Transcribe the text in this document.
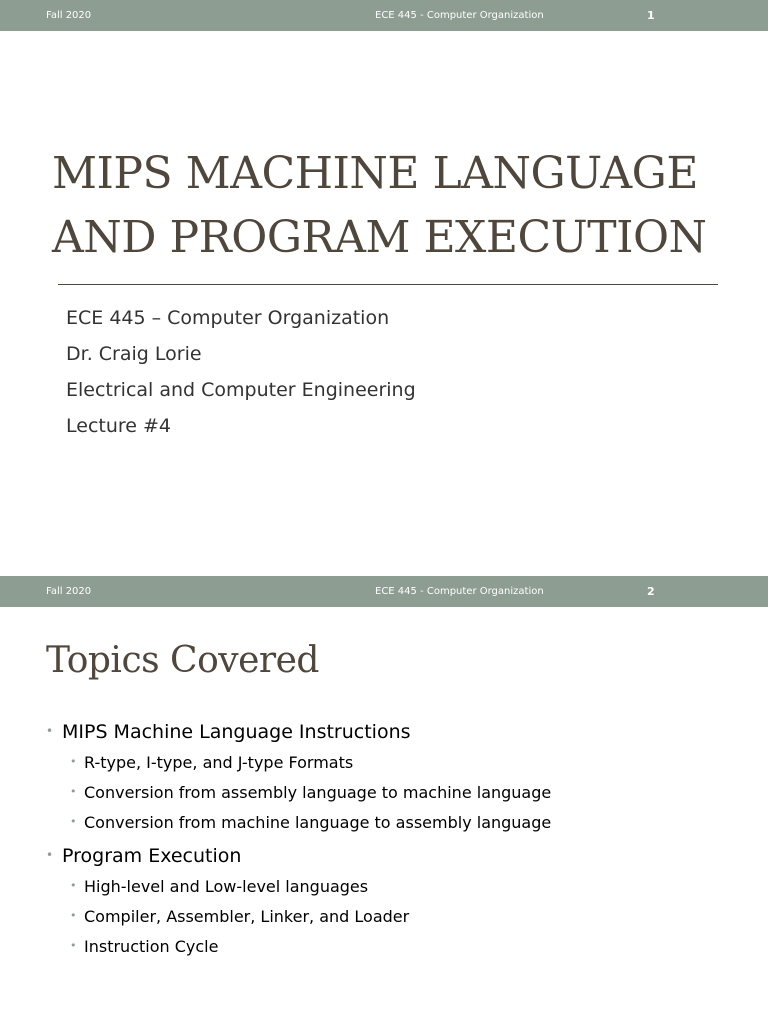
Fall 2020	ECE 445 - Computer Organization	1
MIPS MACHINE LANGUAGE
AND PROGRAM EXECUTION
ECE 445 – Computer Organization
Dr. Craig Lorie
Electrical and Computer Engineering
Lecture #4
Fall 2020	ECE 445 - Computer Organization	2
Topics Covered
• MIPS Machine Language Instructions
• R-type, I-type, and J-type Formats
• Conversion from assembly language to machine language
• Conversion from machine language to assembly language
• Program Execution
• High-level and Low-level languages
• Compiler, Assembler, Linker, and Loader
• Instruction Cycle
